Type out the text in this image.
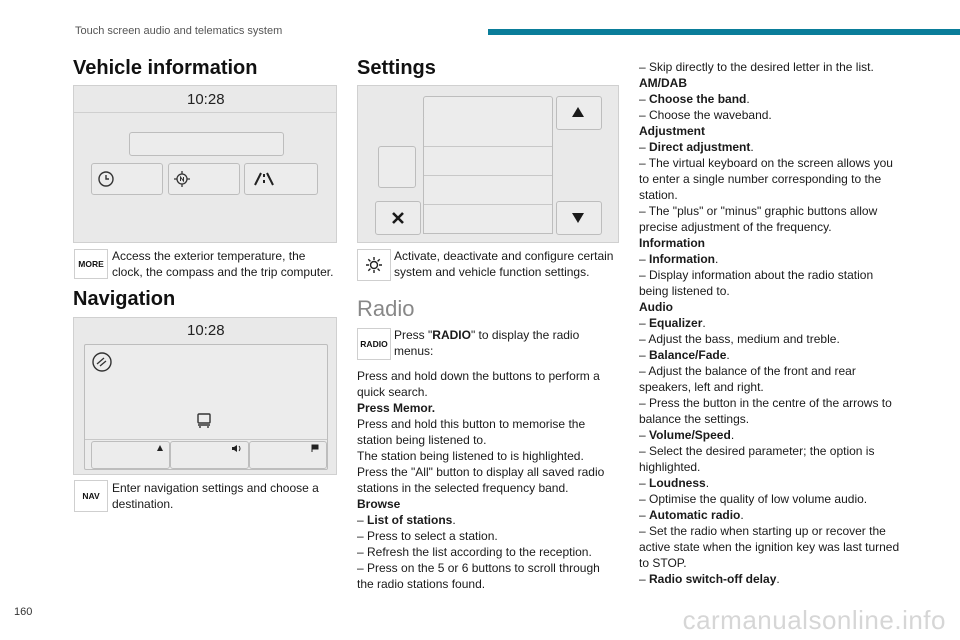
Touch screen audio and telematics system
Vehicle information
10:28
MORE
Access the exterior temperature, the
clock, the compass and the trip computer.
Navigation
10:28
NAV
Enter navigation settings and choose a
destination.
Settings
Activate, deactivate and configure certain
system and vehicle function settings.
Radio
RADIO
Press "RADIO" to display the radio
menus:
Press and hold down the buttons to perform a
quick search.
Press Memor.
Press and hold this button to memorise the
station being listened to.
The station being listened to is highlighted.
Press the "All" button to display all saved radio
stations in the selected frequency band.
Browse
– List of stations.
– Press to select a station.
– Refresh the list according to the reception.
– Press on the 5 or 6 buttons to scroll through
the radio stations found.
– Skip directly to the desired letter in the list.
AM/DAB
– Choose the band.
– Choose the waveband.
Adjustment
– Direct adjustment.
– The virtual keyboard on the screen allows you
to enter a single number corresponding to the
station.
– The "plus" or "minus" graphic buttons allow
precise adjustment of the frequency.
Information
– Information.
– Display information about the radio station
being listened to.
Audio
– Equalizer.
– Adjust the bass, medium and treble.
– Balance/Fade.
– Adjust the balance of the front and rear
speakers, left and right.
– Press the button in the centre of the arrows to
balance the settings.
– Volume/Speed.
– Select the desired parameter; the option is
highlighted.
– Loudness.
– Optimise the quality of low volume audio.
– Automatic radio.
– Set the radio when starting up or recover the
active state when the ignition key was last turned
to STOP.
– Radio switch-off delay.
160	carmanualsonline.info
